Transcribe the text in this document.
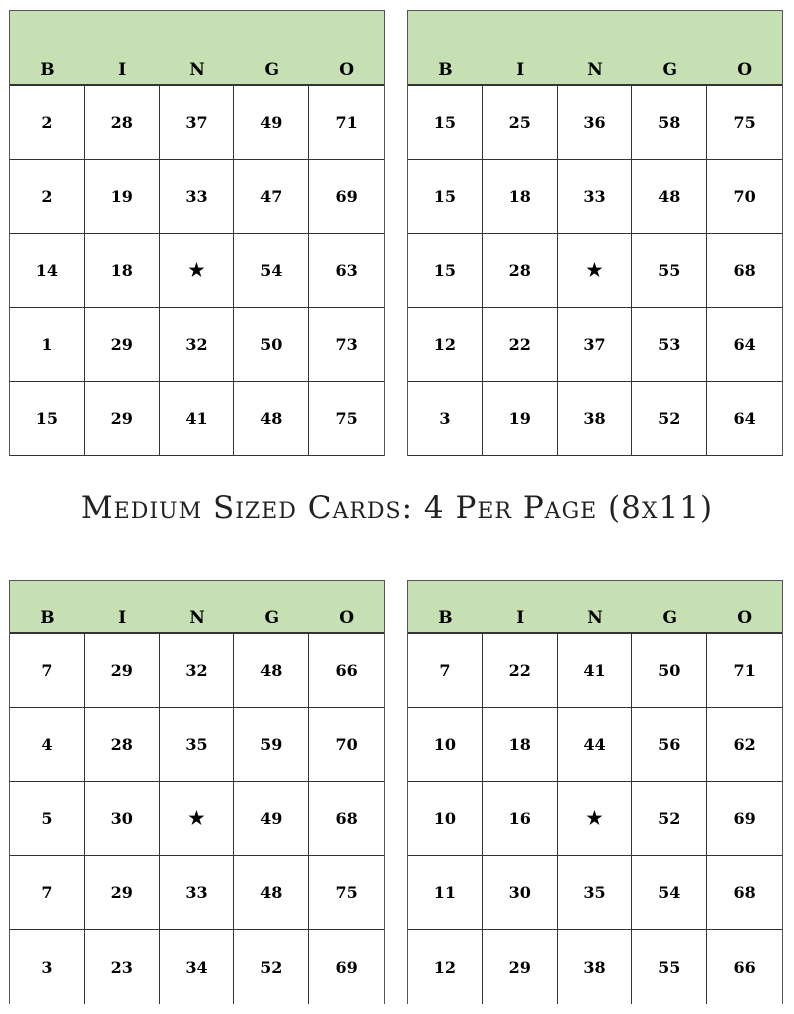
B	I	N	G	O
2	28	37	49	71
2	19	33	47	69
14	18	★	54	63
1	29	32	50	73
15	29	41	48	75
B	I	N	G	O
15	25	36	58	75
15	18	33	48	70
15	28	★	55	68
12	22	37	53	64
3	19	38	52	64
Medium Sized Cards: 4 Per Page (8x11)
B	I	N	G	O
7	29	32	48	66
4	28	35	59	70
5	30	★	49	68
7	29	33	48	75
3	23	34	52	69
B	I	N	G	O
7	22	41	50	71
10	18	44	56	62
10	16	★	52	69
11	30	35	54	68
12	29	38	55	66
